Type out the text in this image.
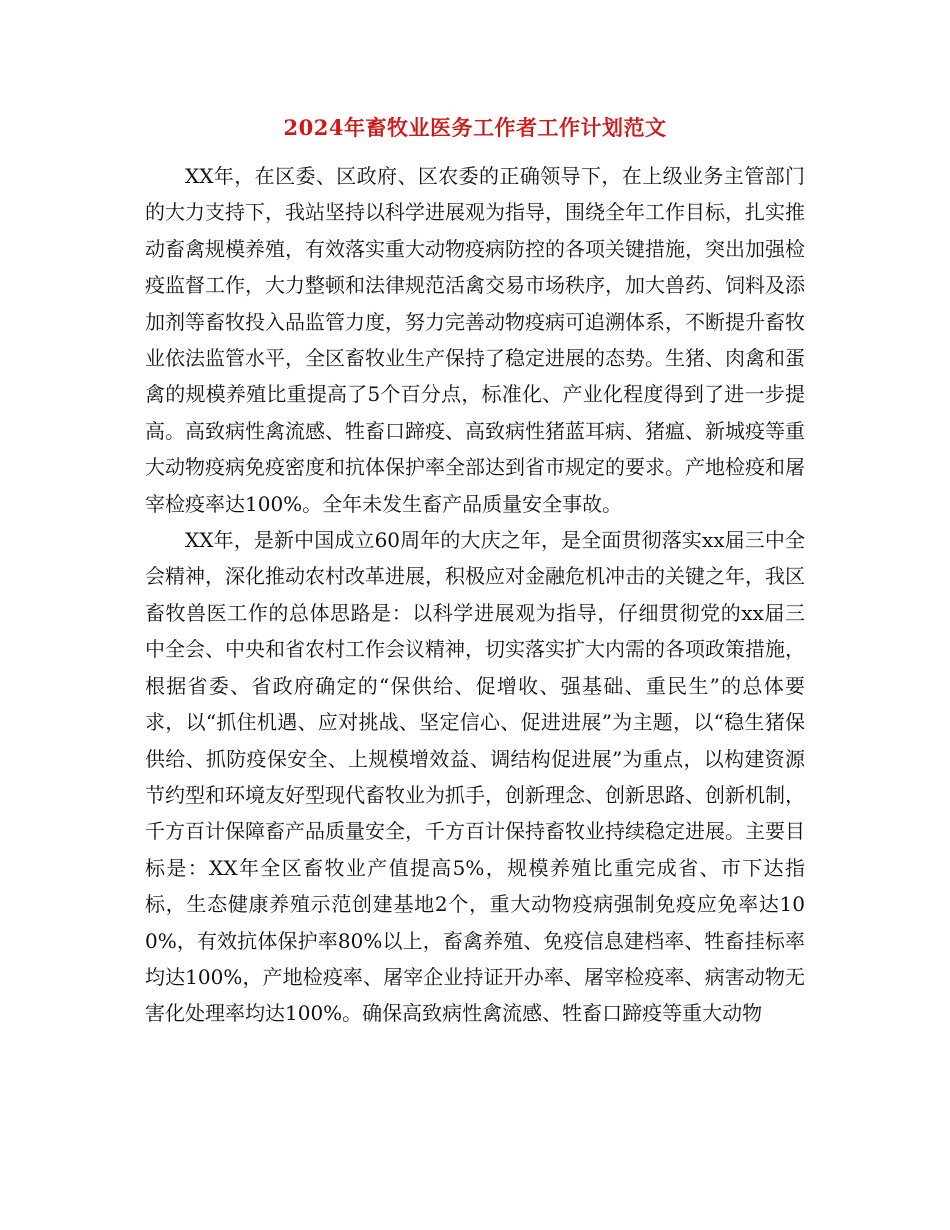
2024年畜牧业医务工作者工作计划范文

XX年，在区委、区政府、区农委的正确领导下，在上级业务主管部门的大力支持下，我站坚持以科学进展观为指导，围绕全年工作目标，扎实推动畜禽规模养殖，有效落实重大动物疫病防控的各项关键措施，突出加强检疫监督工作，大力整顿和法律规范活禽交易市场秩序，加大兽药、饲料及添加剂等畜牧投入品监管力度，努力完善动物疫病可追溯体系，不断提升畜牧业依法监管水平，全区畜牧业生产保持了稳定进展的态势。生猪、肉禽和蛋禽的规模养殖比重提高了5个百分点，标准化、产业化程度得到了进一步提高。高致病性禽流感、牲畜口蹄疫、高致病性猪蓝耳病、猪瘟、新城疫等重大动物疫病免疫密度和抗体保护率全部达到省市规定的要求。产地检疫和屠宰检疫率达100%。全年未发生畜产品质量安全事故。

XX年，是新中国成立60周年的大庆之年，是全面贯彻落实xx届三中全会精神，深化推动农村改革进展，积极应对金融危机冲击的关键之年，我区畜牧兽医工作的总体思路是：以科学进展观为指导，仔细贯彻党的xx届三中全会、中央和省农村工作会议精神，切实落实扩大内需的各项政策措施，根据省委、省政府确定的“保供给、促增收、强基础、重民生”的总体要求，以“抓住机遇、应对挑战、坚定信心、促进进展”为主题，以“稳生猪保供给、抓防疫保安全、上规模增效益、调结构促进展”为重点，以构建资源节约型和环境友好型现代畜牧业为抓手，创新理念、创新思路、创新机制，千方百计保障畜产品质量安全，千方百计保持畜牧业持续稳定进展。主要目标是：XX年全区畜牧业产值提高5%，规模养殖比重完成省、市下达指标，生态健康养殖示范创建基地2个，重大动物疫病强制免疫应免率达100%，有效抗体保护率80%以上，畜禽养殖、免疫信息建档率、牲畜挂标率均达100%，产地检疫率、屠宰企业持证开办率、屠宰检疫率、病害动物无害化处理率均达100%。确保高致病性禽流感、牲畜口蹄疫等重大动物
